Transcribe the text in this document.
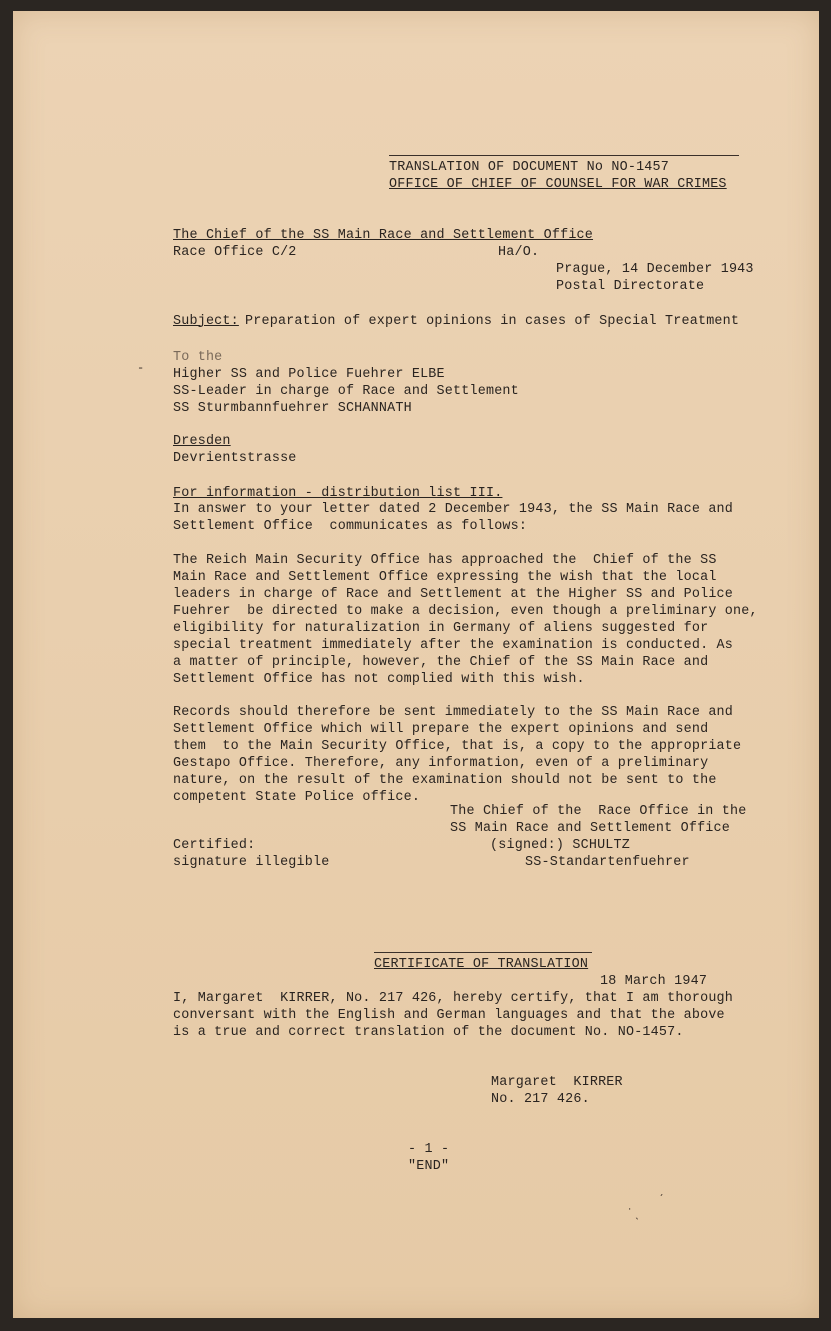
TRANSLATION OF DOCUMENT No NO-1457

OFFICE OF CHIEF OF COUNSEL FOR WAR CRIMES

The Chief of the SS Main Race and Settlement Office

Race Office C/2	Ha/O.

Prague, 14 December 1943

Postal Directorate

Subject: Preparation of expert opinions in cases of Special Treatment

To the

Higher SS and Police Fuehrer ELBE

SS-Leader in charge of Race and Settlement

SS Sturmbannfuehrer SCHANNATH

-

Dresden

Devrientstrasse

For information - distribution list III.

In answer to your letter dated 2 December 1943, the SS Main Race and

Settlement Office  communicates as follows:

The Reich Main Security Office has approached the  Chief of the SS

Main Race and Settlement Office expressing the wish that the local

leaders in charge of Race and Settlement at the Higher SS and Police

Fuehrer  be directed to make a decision, even though a preliminary one,

eligibility for naturalization in Germany of aliens suggested for

special treatment immediately after the examination is conducted. As

a matter of principle, however, the Chief of the SS Main Race and

Settlement Office has not complied with this wish.

Records should therefore be sent immediately to the SS Main Race and

Settlement Office which will prepare the expert opinions and send

them  to the Main Security Office, that is, a copy to the appropriate

Gestapo Office. Therefore, any information, even of a preliminary

nature, on the result of the examination should not be sent to the

competent State Police office.

The Chief of the  Race Office in the

SS Main Race and Settlement Office

(signed:) SCHULTZ

SS-Standartenfuehrer

Certified:

signature illegible

CERTIFICATE OF TRANSLATION

18 March 1947

I, Margaret  KIRRER, No. 217 426, hereby certify, that I am thorough

conversant with the English and German languages and that the above

is a true and correct translation of the document No. NO-1457.

Margaret  KIRRER

No. 217 426.

- 1 -

"END"

˙ˎ
ˊ
